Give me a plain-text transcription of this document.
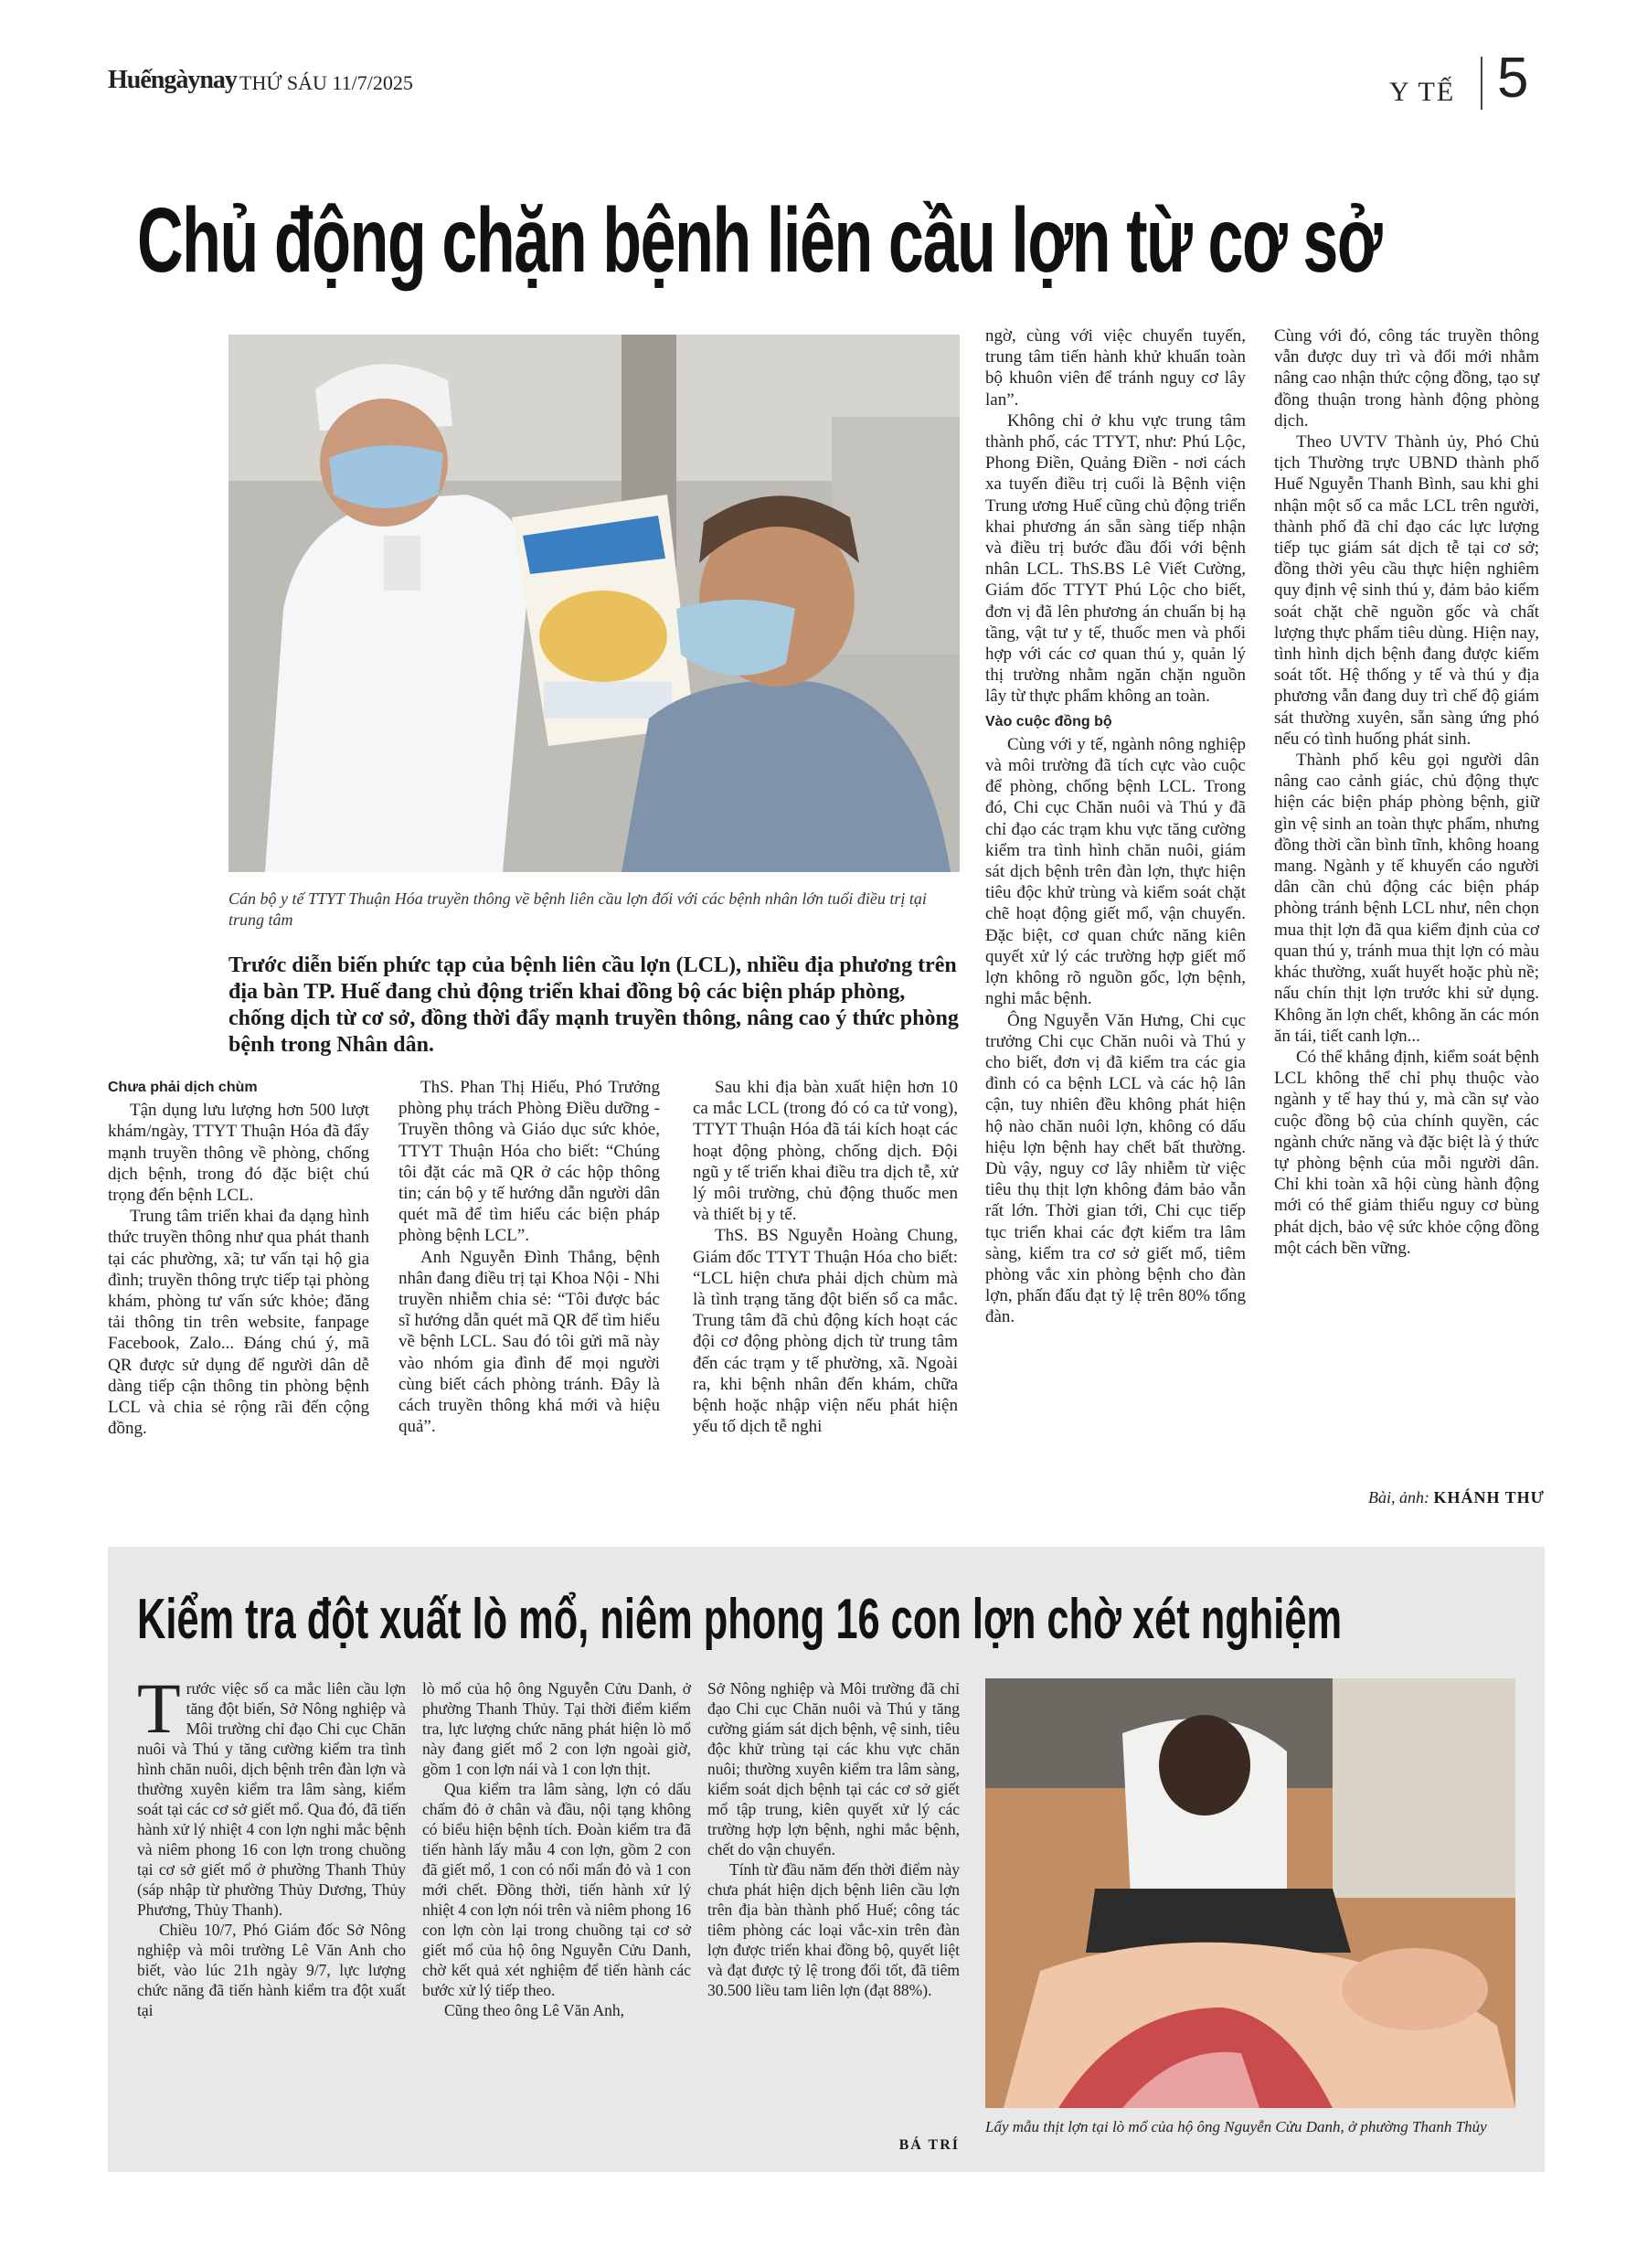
Huếngàynay THỨ SÁU 11/7/2025	Y TẾ 5
Chủ động chặn bệnh liên cầu lợn từ cơ sở
Cán bộ y tế TTYT Thuận Hóa truyền thông về bệnh liên cầu lợn đối với các bệnh nhân lớn tuổi điều trị tại trung tâm
Trước diễn biến phức tạp của bệnh liên cầu lợn (LCL), nhiều địa phương trên địa bàn TP. Huế đang chủ động triển khai đồng bộ các biện pháp phòng, chống dịch từ cơ sở, đồng thời đẩy mạnh truyền thông, nâng cao ý thức phòng bệnh trong Nhân dân.

Chưa phải dịch chùm

Tận dụng lưu lượng hơn 500 lượt khám/ngày, TTYT Thuận Hóa đã đẩy mạnh truyền thông về phòng, chống dịch bệnh, trong đó đặc biệt chú trọng đến bệnh LCL.

Trung tâm triển khai đa dạng hình thức truyền thông như qua phát thanh tại các phường, xã; tư vấn tại hộ gia đình; truyền thông trực tiếp tại phòng khám, phòng tư vấn sức khỏe; đăng tải thông tin trên website, fanpage Facebook, Zalo... Đáng chú ý, mã QR được sử dụng để người dân dễ dàng tiếp cận thông tin phòng bệnh LCL và chia sẻ rộng rãi đến cộng đồng.

ThS. Phan Thị Hiếu, Phó Trưởng phòng phụ trách Phòng Điều dưỡng - Truyền thông và Giáo dục sức khỏe, TTYT Thuận Hóa cho biết: “Chúng tôi đặt các mã QR ở các hộp thông tin; cán bộ y tế hướng dẫn người dân quét mã để tìm hiểu các biện pháp phòng bệnh LCL”.

Anh Nguyễn Đình Thắng, bệnh nhân đang điều trị tại Khoa Nội - Nhi truyền nhiễm chia sẻ: “Tôi được bác sĩ hướng dẫn quét mã QR để tìm hiểu về bệnh LCL. Sau đó tôi gửi mã này vào nhóm gia đình để mọi người cùng biết cách phòng tránh. Đây là cách truyền thông khá mới và hiệu quả”.

Sau khi địa bàn xuất hiện hơn 10 ca mắc LCL (trong đó có ca tử vong), TTYT Thuận Hóa đã tái kích hoạt các hoạt động phòng, chống dịch. Đội ngũ y tế triển khai điều tra dịch tễ, xử lý môi trường, chủ động thuốc men và thiết bị y tế.

ThS. BS Nguyễn Hoàng Chung, Giám đốc TTYT Thuận Hóa cho biết: “LCL hiện chưa phải dịch chùm mà là tình trạng tăng đột biến số ca mắc. Trung tâm đã chủ động kích hoạt các đội cơ động phòng dịch từ trung tâm đến các trạm y tế phường, xã. Ngoài ra, khi bệnh nhân đến khám, chữa bệnh hoặc nhập viện nếu phát hiện yếu tố dịch tễ nghi

ngờ, cùng với việc chuyển tuyến, trung tâm tiến hành khử khuẩn toàn bộ khuôn viên để tránh nguy cơ lây lan”.

Không chỉ ở khu vực trung tâm thành phố, các TTYT, như: Phú Lộc, Phong Điền, Quảng Điền - nơi cách xa tuyến điều trị cuối là Bệnh viện Trung ương Huế cũng chủ động triển khai phương án sẵn sàng tiếp nhận và điều trị bước đầu đối với bệnh nhân LCL. ThS.BS Lê Viết Cường, Giám đốc TTYT Phú Lộc cho biết, đơn vị đã lên phương án chuẩn bị hạ tầng, vật tư y tế, thuốc men và phối hợp với các cơ quan thú y, quản lý thị trường nhằm ngăn chặn nguồn lây từ thực phẩm không an toàn.

Vào cuộc đồng bộ

Cùng với y tế, ngành nông nghiệp và môi trường đã tích cực vào cuộc để phòng, chống bệnh LCL. Trong đó, Chi cục Chăn nuôi và Thú y đã chỉ đạo các trạm khu vực tăng cường kiểm tra tình hình chăn nuôi, giám sát dịch bệnh trên đàn lợn, thực hiện tiêu độc khử trùng và kiểm soát chặt chẽ hoạt động giết mổ, vận chuyển. Đặc biệt, cơ quan chức năng kiên quyết xử lý các trường hợp giết mổ lợn không rõ nguồn gốc, lợn bệnh, nghi mắc bệnh.

Ông Nguyễn Văn Hưng, Chi cục trưởng Chi cục Chăn nuôi và Thú y cho biết, đơn vị đã kiểm tra các gia đình có ca bệnh LCL và các hộ lân cận, tuy nhiên đều không phát hiện hộ nào chăn nuôi lợn, không có dấu hiệu lợn bệnh hay chết bất thường. Dù vậy, nguy cơ lây nhiễm từ việc tiêu thụ thịt lợn không đảm bảo vẫn rất lớn. Thời gian tới, Chi cục tiếp tục triển khai các đợt kiểm tra lâm sàng, kiểm tra cơ sở giết mổ, tiêm phòng vắc xin phòng bệnh cho đàn lợn, phấn đấu đạt tỷ lệ trên 80% tổng đàn.

Cùng với đó, công tác truyền thông vẫn được duy trì và đổi mới nhằm nâng cao nhận thức cộng đồng, tạo sự đồng thuận trong hành động phòng dịch.

Theo UVTV Thành ủy, Phó Chủ tịch Thường trực UBND thành phố Huế Nguyễn Thanh Bình, sau khi ghi nhận một số ca mắc LCL trên người, thành phố đã chỉ đạo các lực lượng tiếp tục giám sát dịch tễ tại cơ sở; đồng thời yêu cầu thực hiện nghiêm quy định vệ sinh thú y, đảm bảo kiểm soát chặt chẽ nguồn gốc và chất lượng thực phẩm tiêu dùng. Hiện nay, tình hình dịch bệnh đang được kiểm soát tốt. Hệ thống y tế và thú y địa phương vẫn đang duy trì chế độ giám sát thường xuyên, sẵn sàng ứng phó nếu có tình huống phát sinh.

Thành phố kêu gọi người dân nâng cao cảnh giác, chủ động thực hiện các biện pháp phòng bệnh, giữ gìn vệ sinh an toàn thực phẩm, nhưng đồng thời cần bình tĩnh, không hoang mang. Ngành y tế khuyến cáo người dân cần chủ động các biện pháp phòng tránh bệnh LCL như, nên chọn mua thịt lợn đã qua kiểm định của cơ quan thú y, tránh mua thịt lợn có màu khác thường, xuất huyết hoặc phù nề; nấu chín thịt lợn trước khi sử dụng. Không ăn lợn chết, không ăn các món ăn tái, tiết canh lợn...

Có thể khẳng định, kiểm soát bệnh LCL không thể chỉ phụ thuộc vào ngành y tế hay thú y, mà cần sự vào cuộc đồng bộ của chính quyền, các ngành chức năng và đặc biệt là ý thức tự phòng bệnh của mỗi người dân. Chỉ khi toàn xã hội cùng hành động mới có thể giảm thiểu nguy cơ bùng phát dịch, bảo vệ sức khỏe cộng đồng một cách bền vững.

Bài, ảnh: KHÁNH THƯ
Kiểm tra đột xuất lò mổ, niêm phong 16 con lợn chờ xét nghiệm

Trước việc số ca mắc liên cầu lợn tăng đột biến, Sở Nông nghiệp và Môi trường chỉ đạo Chi cục Chăn nuôi và Thú y tăng cường kiểm tra tình hình chăn nuôi, dịch bệnh trên đàn lợn và thường xuyên kiểm tra lâm sàng, kiểm soát tại các cơ sở giết mổ. Qua đó, đã tiến hành xử lý nhiệt 4 con lợn nghi mắc bệnh và niêm phong 16 con lợn trong chuồng tại cơ sở giết mổ ở phường Thanh Thủy (sáp nhập từ phường Thủy Dương, Thủy Phương, Thủy Thanh).

Chiều 10/7, Phó Giám đốc Sở Nông nghiệp và môi trường Lê Văn Anh cho biết, vào lúc 21h ngày 9/7, lực lượng chức năng đã tiến hành kiểm tra đột xuất tại

lò mổ của hộ ông Nguyễn Cửu Danh, ở phường Thanh Thủy. Tại thời điểm kiểm tra, lực lượng chức năng phát hiện lò mổ này đang giết mổ 2 con lợn ngoài giờ, gồm 1 con lợn nái và 1 con lợn thịt.

Qua kiểm tra lâm sàng, lợn có dấu chấm đỏ ở chân và đầu, nội tạng không có biểu hiện bệnh tích. Đoàn kiểm tra đã tiến hành lấy mẫu 4 con lợn, gồm 2 con đã giết mổ, 1 con có nổi mẩn đỏ và 1 con mới chết. Đồng thời, tiến hành xử lý nhiệt 4 con lợn nói trên và niêm phong 16 con lợn còn lại trong chuồng tại cơ sở giết mổ của hộ ông Nguyễn Cửu Danh, chờ kết quả xét nghiệm để tiến hành các bước xử lý tiếp theo.

Cũng theo ông Lê Văn Anh,

Sở Nông nghiệp và Môi trường đã chỉ đạo Chi cục Chăn nuôi và Thú y tăng cường giám sát dịch bệnh, vệ sinh, tiêu độc khử trùng tại các khu vực chăn nuôi; thường xuyên kiểm tra lâm sàng, kiểm soát dịch bệnh tại các cơ sở giết mổ tập trung, kiên quyết xử lý các trường hợp lợn bệnh, nghi mắc bệnh, chết do vận chuyển.

Tính từ đầu năm đến thời điểm này chưa phát hiện dịch bệnh liên cầu lợn trên địa bàn thành phố Huế; công tác tiêm phòng các loại vắc-xin trên đàn lợn được triển khai đồng bộ, quyết liệt và đạt được tỷ lệ trong đối tốt, đã tiêm 30.500 liều tam liên lợn (đạt 88%).

BÁ TRÍ
Lấy mẫu thịt lợn tại lò mổ của hộ ông Nguyễn Cửu Danh, ở phường Thanh Thủy
